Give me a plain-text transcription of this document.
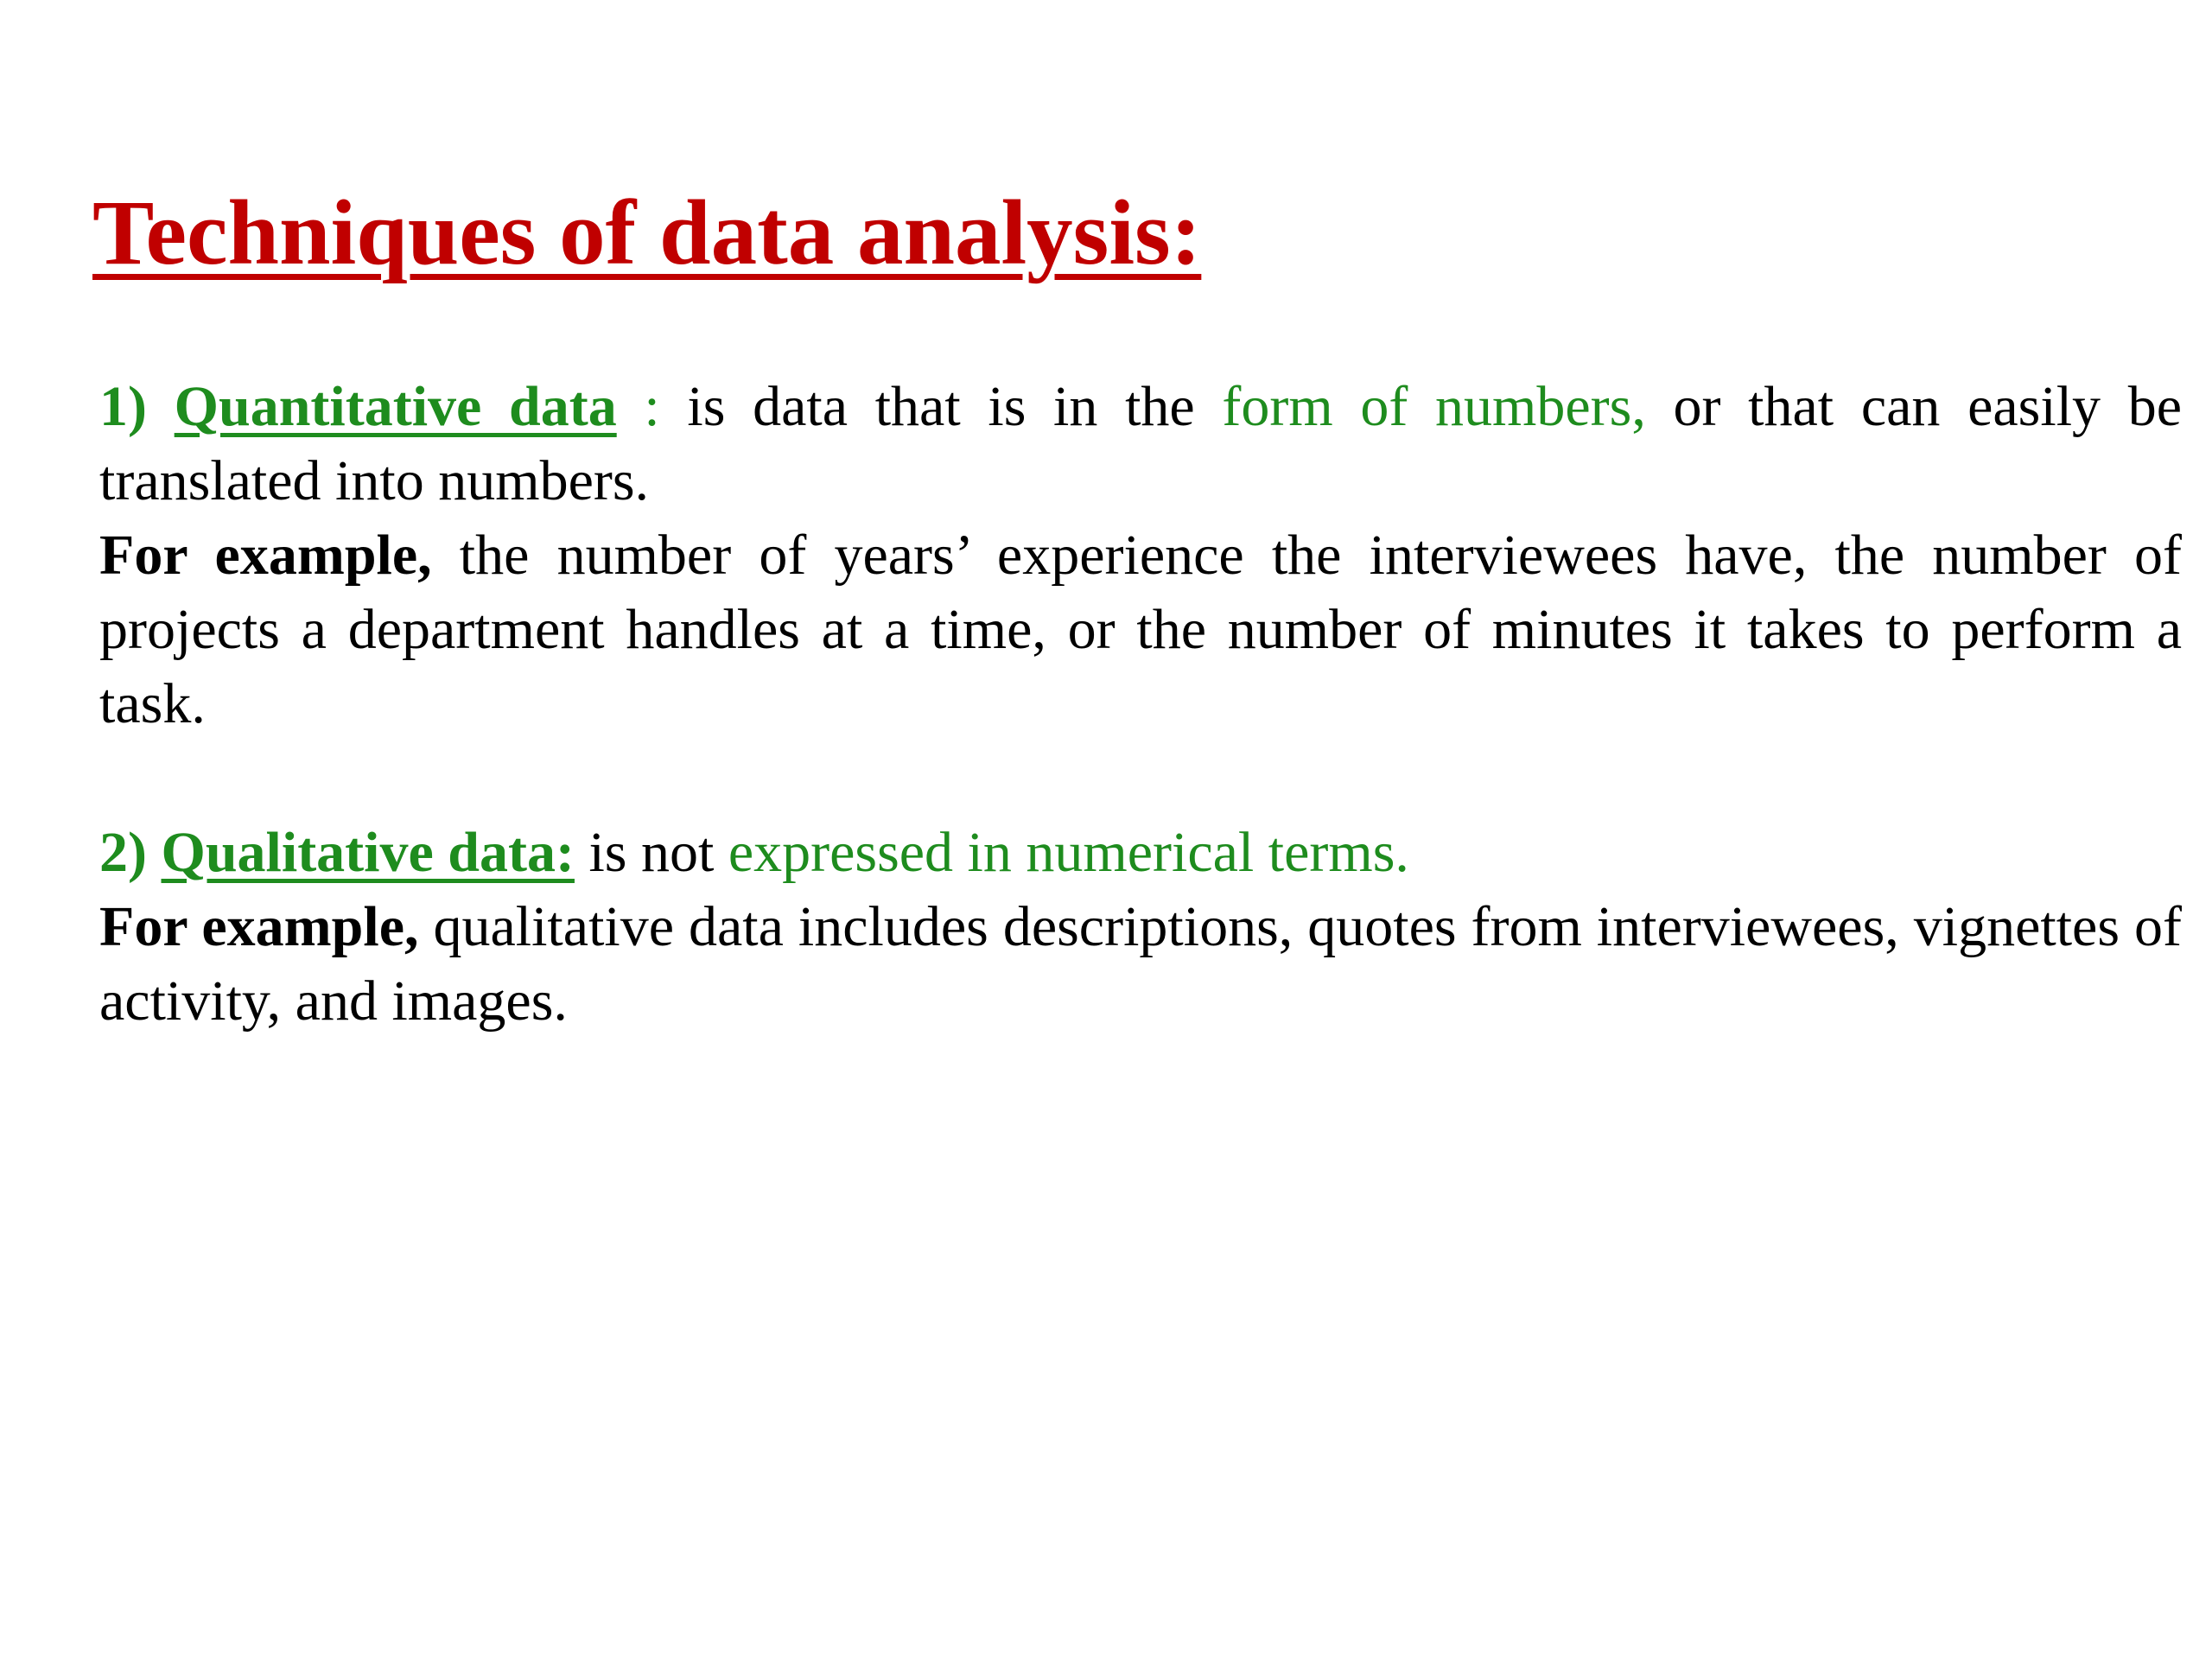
Techniques of data analysis:

1) Quantitative data : is data that is in the form of numbers, or that can easily be translated into numbers.

For example, the number of years’ experience the interviewees have, the number of projects a department handles at a time, or the number of minutes it takes to perform a task.

2) Qualitative data: is not expressed in numerical terms.

For example, qualitative data includes descriptions, quotes from interviewees, vignettes of activity, and images.
